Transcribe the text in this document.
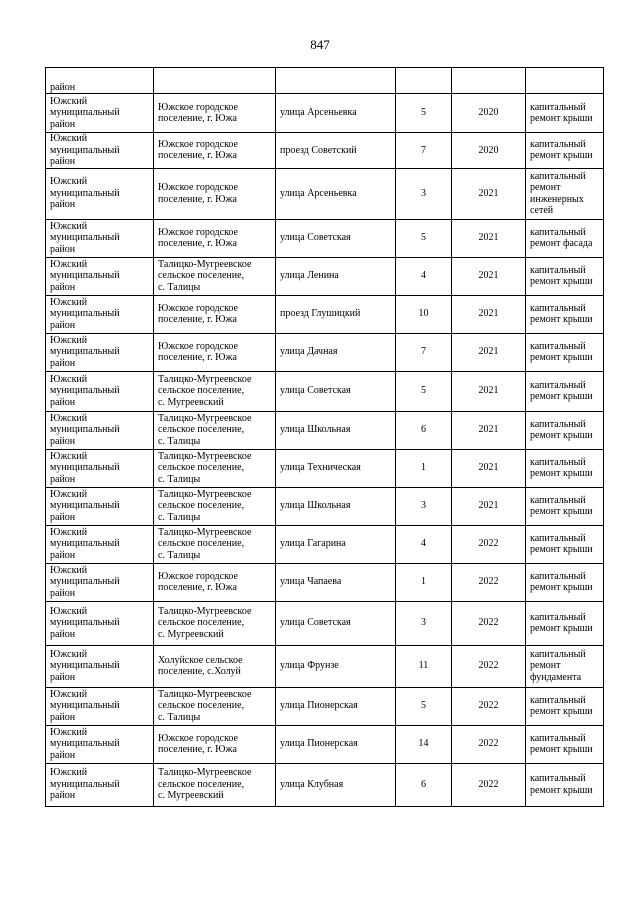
847
район					

Южский
муниципальный
район	Южское городское
поселение, г. Южа	улица Арсеньевка	5	2020	капитальный
ремонт крыши

Южский
муниципальный
район	Южское городское
поселение, г. Южа	проезд Советский	7	2020	капитальный
ремонт крыши

Южский
муниципальный
район	Южское городское
поселение, г. Южа	улица Арсеньевка	3	2021	капитальный
ремонт
инженерных
сетей

Южский
муниципальный
район	Южское городское
поселение, г. Южа	улица Советская	5	2021	капитальный
ремонт фасада

Южский
муниципальный
район	Талицко-Мугреевское
сельское поселение,
с. Талицы	улица Ленина	4	2021	капитальный
ремонт крыши

Южский
муниципальный
район	Южское городское
поселение, г. Южа	проезд Глушицкий	10	2021	капитальный
ремонт крыши

Южский
муниципальный
район	Южское городское
поселение, г. Южа	улица Дачная	7	2021	капитальный
ремонт крыши

Южский
муниципальный
район	Талицко-Мугреевское
сельское поселение,
с. Мугреевский	улица Советская	5	2021	капитальный
ремонт крыши

Южский
муниципальный
район	Талицко-Мугреевское
сельское поселение,
с. Талицы	улица Школьная	6	2021	капитальный
ремонт крыши

Южский
муниципальный
район	Талицко-Мугреевское
сельское поселение,
с. Талицы	улица Техническая	1	2021	капитальный
ремонт крыши

Южский
муниципальный
район	Талицко-Мугреевское
сельское поселение,
с. Талицы	улица Школьная	3	2021	капитальный
ремонт крыши

Южский
муниципальный
район	Талицко-Мугреевское
сельское поселение,
с. Талицы	улица Гагарина	4	2022	капитальный
ремонт крыши

Южский
муниципальный
район	Южское городское
поселение, г. Южа	улица Чапаева	1	2022	капитальный
ремонт крыши

Южский
муниципальный
район	Талицко-Мугреевское
сельское поселение,
с. Мугреевский	улица Советская	3	2022	капитальный
ремонт крыши

Южский
муниципальный
район	Холуйское сельское
поселение, с.Холуй	улица Фрунзе	11	2022	капитальный
ремонт
фундамента

Южский
муниципальный
район	Талицко-Мугреевское
сельское поселение,
с. Талицы	улица Пионерская	5	2022	капитальный
ремонт крыши

Южский
муниципальный
район	Южское городское
поселение, г. Южа	улица Пионерская	14	2022	капитальный
ремонт крыши

Южский
муниципальный
район	Талицко-Мугреевское
сельское поселение,
с. Мугреевский	улица Клубная	6	2022	капитальный
ремонт крыши
